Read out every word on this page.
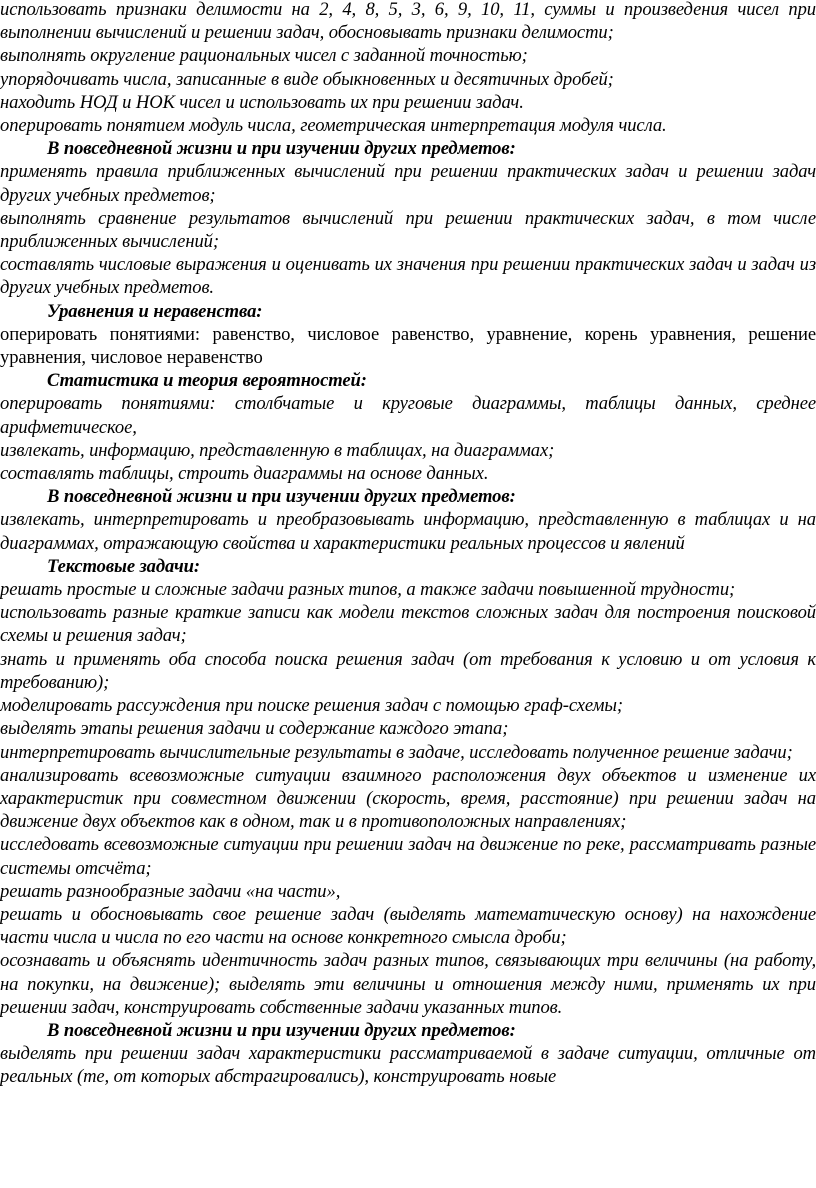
использовать признаки делимости на 2, 4, 8, 5, 3, 6, 9, 10, 11, суммы и произведения чисел при выполнении вычислений и решении задач, обосновывать признаки делимости;
выполнять округление рациональных чисел с заданной точностью;
упорядочивать числа, записанные в виде обыкновенных и десятичных дробей;
находить НОД и НОК чисел и использовать их при решении задач.
оперировать понятием модуль числа, геометрическая интерпретация модуля числа.
В повседневной жизни и при изучении других предметов:
применять правила приближенных вычислений при решении практических задач и решении задач других учебных предметов;
выполнять сравнение результатов вычислений при решении практических задач, в том числе приближенных вычислений;
составлять числовые выражения и оценивать их значения при решении практических задач и задач из других учебных предметов.
Уравнения и неравенства:
оперировать понятиями: равенство, числовое равенство, уравнение, корень уравнения, решение уравнения, числовое неравенство
Статистика и теория вероятностей:
оперировать понятиями: столбчатые и круговые диаграммы, таблицы данных, среднее арифметическое,
извлекать, информацию, представленную в таблицах, на диаграммах;
составлять таблицы, строить диаграммы на основе данных.
В повседневной жизни и при изучении других предметов:
извлекать, интерпретировать и преобразовывать информацию, представленную в таблицах и на диаграммах, отражающую свойства и характеристики реальных процессов и явлений
Текстовые задачи:
решать простые и сложные задачи разных типов, а также задачи повышенной трудности;
использовать разные краткие записи как модели текстов сложных задач для построения поисковой схемы и решения задач;
знать и применять оба способа поиска решения задач (от требования к условию и от условия к требованию);
моделировать рассуждения при поиске решения задач с помощью граф-схемы;
выделять этапы решения задачи и содержание каждого этапа;
интерпретировать вычислительные результаты в задаче, исследовать полученное решение задачи;
анализировать всевозможные ситуации взаимного расположения двух объектов и изменение их характеристик при совместном движении (скорость, время, расстояние) при решении задач на движение двух объектов как в одном, так и в противоположных направлениях;
исследовать всевозможные ситуации при решении задач на движение по реке, рассматривать разные системы отсчёта;
решать разнообразные задачи «на части»,
решать и обосновывать свое решение задач (выделять математическую основу) на нахождение части числа и числа по его части на основе конкретного смысла дроби;
осознавать и объяснять идентичность задач разных типов, связывающих три величины (на работу, на покупки, на движение); выделять эти величины и отношения между ними, применять их при решении задач, конструировать собственные задачи указанных типов.
В повседневной жизни и при изучении других предметов:
выделять при решении задач характеристики рассматриваемой в задаче ситуации, отличные от реальных (те, от которых абстрагировались), конструировать новые
